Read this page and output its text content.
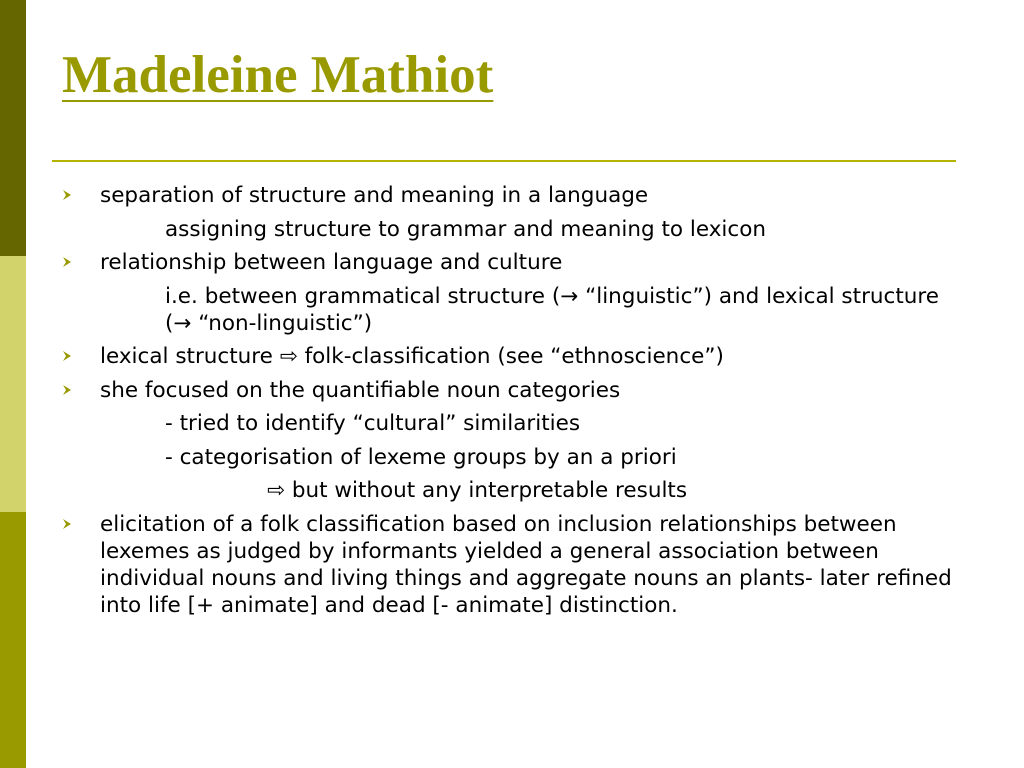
Madeleine Mathiot
separation of structure and meaning in a language
assigning structure to grammar and meaning to lexicon
relationship between language and culture
i.e. between grammatical structure (→ “linguistic”) and lexical structure (→ “non-linguistic”)
lexical structure ⇨ folk-classification (see “ethnoscience”)
she focused on the quantifiable noun categories
- tried to identify “cultural” similarities
- categorisation of lexeme groups by an a priori
⇨ but without any interpretable results
elicitation of a folk classification based on inclusion relationships between lexemes as judged by informants yielded a general association between individual nouns and living things and aggregate nouns an plants- later refined into life [+ animate] and dead [- animate] distinction.
